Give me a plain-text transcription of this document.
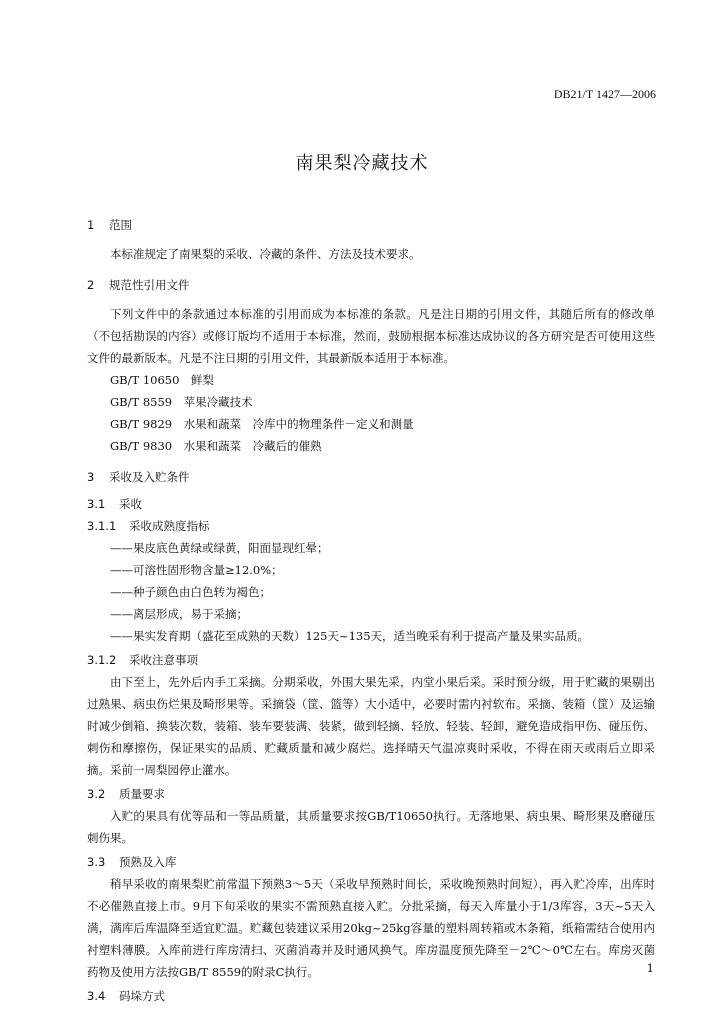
DB21/T 1427—2006
南果梨冷藏技术
1 范围

本标准规定了南果梨的采收、冷藏的条件、方法及技术要求。

2 规范性引用文件

下列文件中的条款通过本标准的引用而成为本标准的条款。凡是注日期的引用文件，其随后所有的修改单（不包括勘误的内容）或修订版均不适用于本标准，然而，鼓励根据本标准达成协议的各方研究是否可使用这些文件的最新版本。凡是不注日期的引用文件，其最新版本适用于本标准。

GB/T 10650　鲜梨
GB/T 8559　苹果冷藏技术
GB/T 9829　水果和蔬菜　冷库中的物理条件－定义和测量
GB/T 9830　水果和蔬菜　冷藏后的催熟
3 采收及入贮条件
3.1 采收
3.1.1 采收成熟度指标
——果皮底色黄绿或绿黄，阳面显现红晕；
——可溶性固形物含量≥12.0%；
——种子颜色由白色转为褐色；
——离层形成，易于采摘；
——果实发育期（盛花至成熟的天数）125天~135天，适当晚采有利于提高产量及果实品质。
3.1.2 采收注意事项

由下至上，先外后内手工采摘。分期采收，外围大果先采，内堂小果后采。采时预分级，用于贮藏的果剔出过熟果、病虫伤烂果及畸形果等。采摘袋（筐、篮等）大小适中，必要时需内衬软布。采摘、装箱（筐）及运输时减少倒箱、换装次数，装箱、装车要装满、装紧，做到轻摘、轻放、轻装、轻卸，避免造成指甲伤、碰压伤、刺伤和摩擦伤，保证果实的品质、贮藏质量和减少腐烂。选择晴天气温凉爽时采收，不得在雨天或雨后立即采摘。采前一周梨园停止灌水。

3.2 质量要求

入贮的果具有优等品和一等品质量，其质量要求按GB/T10650执行。无落地果、病虫果、畸形果及磨碰压刺伤果。

3.3 预熟及入库

稍早采收的南果梨贮前常温下预熟3～5天（采收早预熟时间长，采收晚预熟时间短），再入贮冷库，出库时不必催熟直接上市。9月下旬采收的果实不需预熟直接入贮。分批采摘，每天入库量小于1/3库容，3天~5天入满，满库后库温降至适宜贮温。贮藏包装建议采用20kg~25kg容量的塑料周转箱或木条箱，纸箱需结合使用内衬塑料薄膜。入库前进行库房清扫、灭菌消毒并及时通风换气。库房温度预先降至－2℃～0℃左右。库房灭菌药物及使用方法按GB/T 8559的附录C执行。

3.4 码垛方式
1
